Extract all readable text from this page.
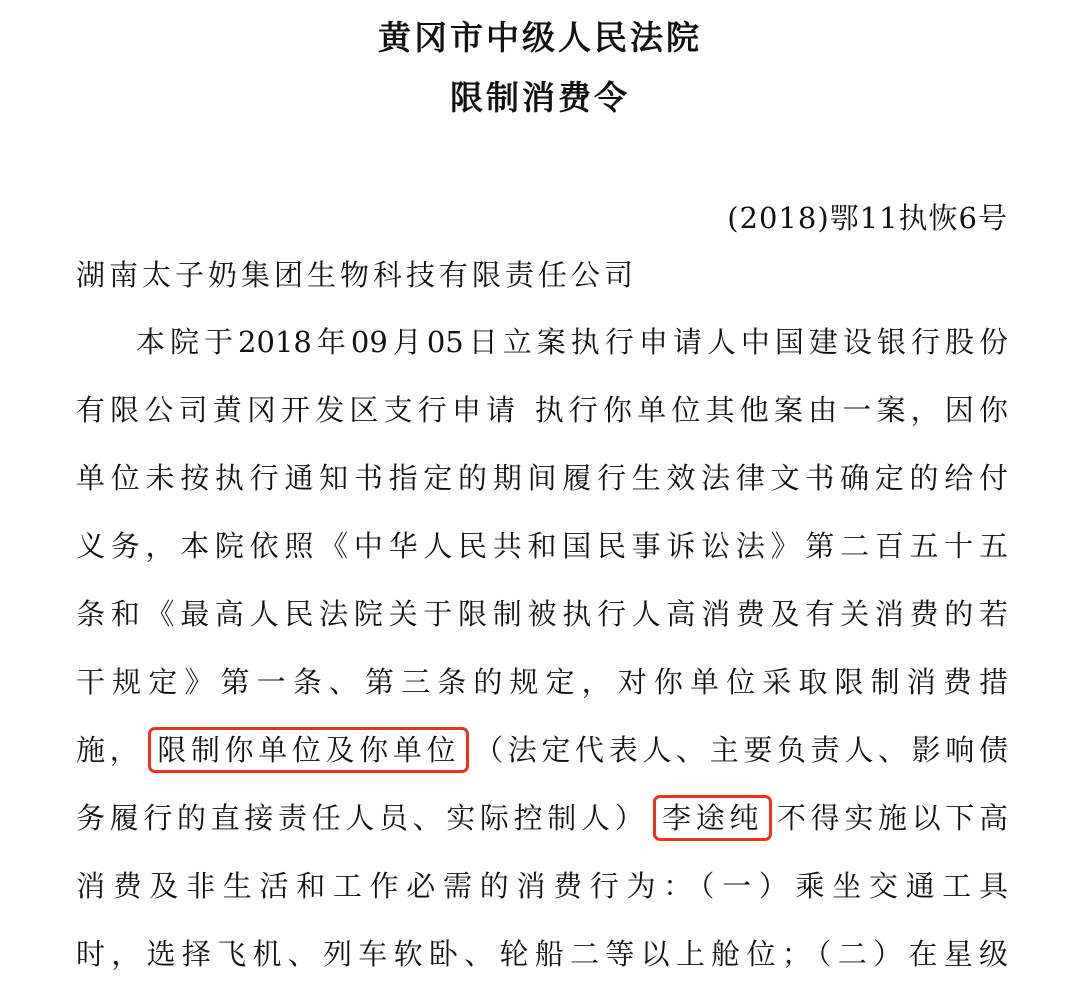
黄冈市中级人民法院
限制消费令
(2018)鄂11执恢6号
湖南太子奶集团生物科技有限责任公司
本院于2018年09月05日立案执行申请人中国建设银行股份
有限公司黄冈开发区支行申请 执行你单位其他案由一案，因你
单位未按执行通知书指定的期间履行生效法律文书确定的给付
义务，本院依照《中华人民共和国民事诉讼法》第二百五十五
条和《最高人民法院关于限制被执行人高消费及有关消费的若
干规定》第一条、第三条的规定，对你单位采取限制消费措
施， 限制你单位及你单位 （法定代表人、主要负责人、影响债
务履行的直接责任人员、实际控制人） 李途纯 不得实施以下高
消费及非生活和工作必需的消费行为：（一）乘坐交通工具
时，选择飞机、列车软卧、轮船二等以上舱位；（二）在星级
